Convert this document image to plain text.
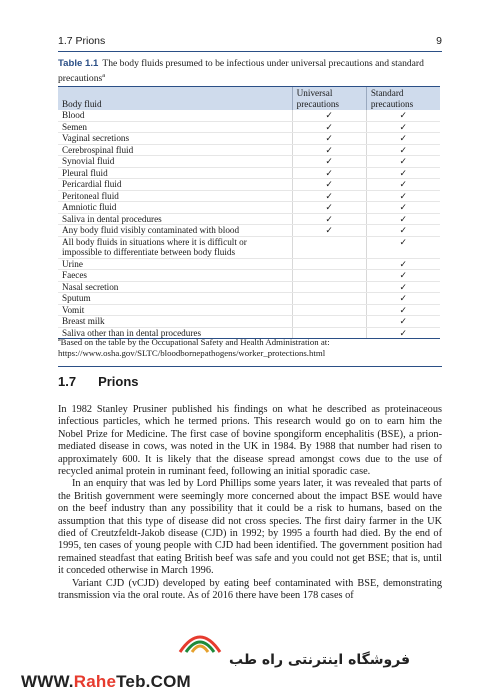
1.7 Prions	9
Table 1.1 The body fluids presumed to be infectious under universal precautions and standard precautions$^a$
Body fluid	Universal precautions	Standard precautions
Blood	✓	✓
Semen	✓	✓
Vaginal secretions	✓	✓
Cerebrospinal fluid	✓	✓
Synovial fluid	✓	✓
Pleural fluid	✓	✓
Pericardial fluid	✓	✓
Peritoneal fluid	✓	✓
Amniotic fluid	✓	✓
Saliva in dental procedures	✓	✓
Any body fluid visibly contaminated with blood	✓	✓
All body fluids in situations where it is difficult or impossible to differentiate between body fluids		✓
Urine		✓
Faeces		✓
Nasal secretion		✓
Sputum		✓
Vomit		✓
Breast milk		✓
Saliva other than in dental procedures		✓
$^a$Based on the table by the Occupational Safety and Health Administration at: https://www.osha.gov/SLTC/bloodbornepathogens/worker_protections.html
1.7 Prions

In 1982 Stanley Prusiner published his findings on what he described as proteinaceous infectious particles, which he termed prions. This research would go on to earn him the Nobel Prize for Medicine. The first case of bovine spongiform encephalitis (BSE), a prion-mediated disease in cows, was noted in the UK in 1984. By 1988 that number had risen to approximately 600. It is likely that the disease spread amongst cows due to the use of recycled animal protein in ruminant feed, following an initial sporadic case.

In an enquiry that was led by Lord Phillips some years later, it was revealed that parts of the British government were seemingly more concerned about the impact BSE would have on the beef industry than any possibility that it could be a risk to humans, based on the assumption that this type of disease did not cross species. The first dairy farmer in the UK died of Creutzfeldt-Jakob disease (CJD) in 1992; by 1995 a fourth had died. By the end of 1995, ten cases of young people with CJD had been identified. The government position had remained steadfast that eating British beef was safe and you could not get BSE; that is, until it conceded otherwise in March 1996.

Variant CJD (vCJD) developed by eating beef contaminated with BSE, demonstrating transmission via the oral route. As of 2016 there have been 178 cases of

فروشگاه اینترنتی راه طب
WWW.RaheTeb.COM
